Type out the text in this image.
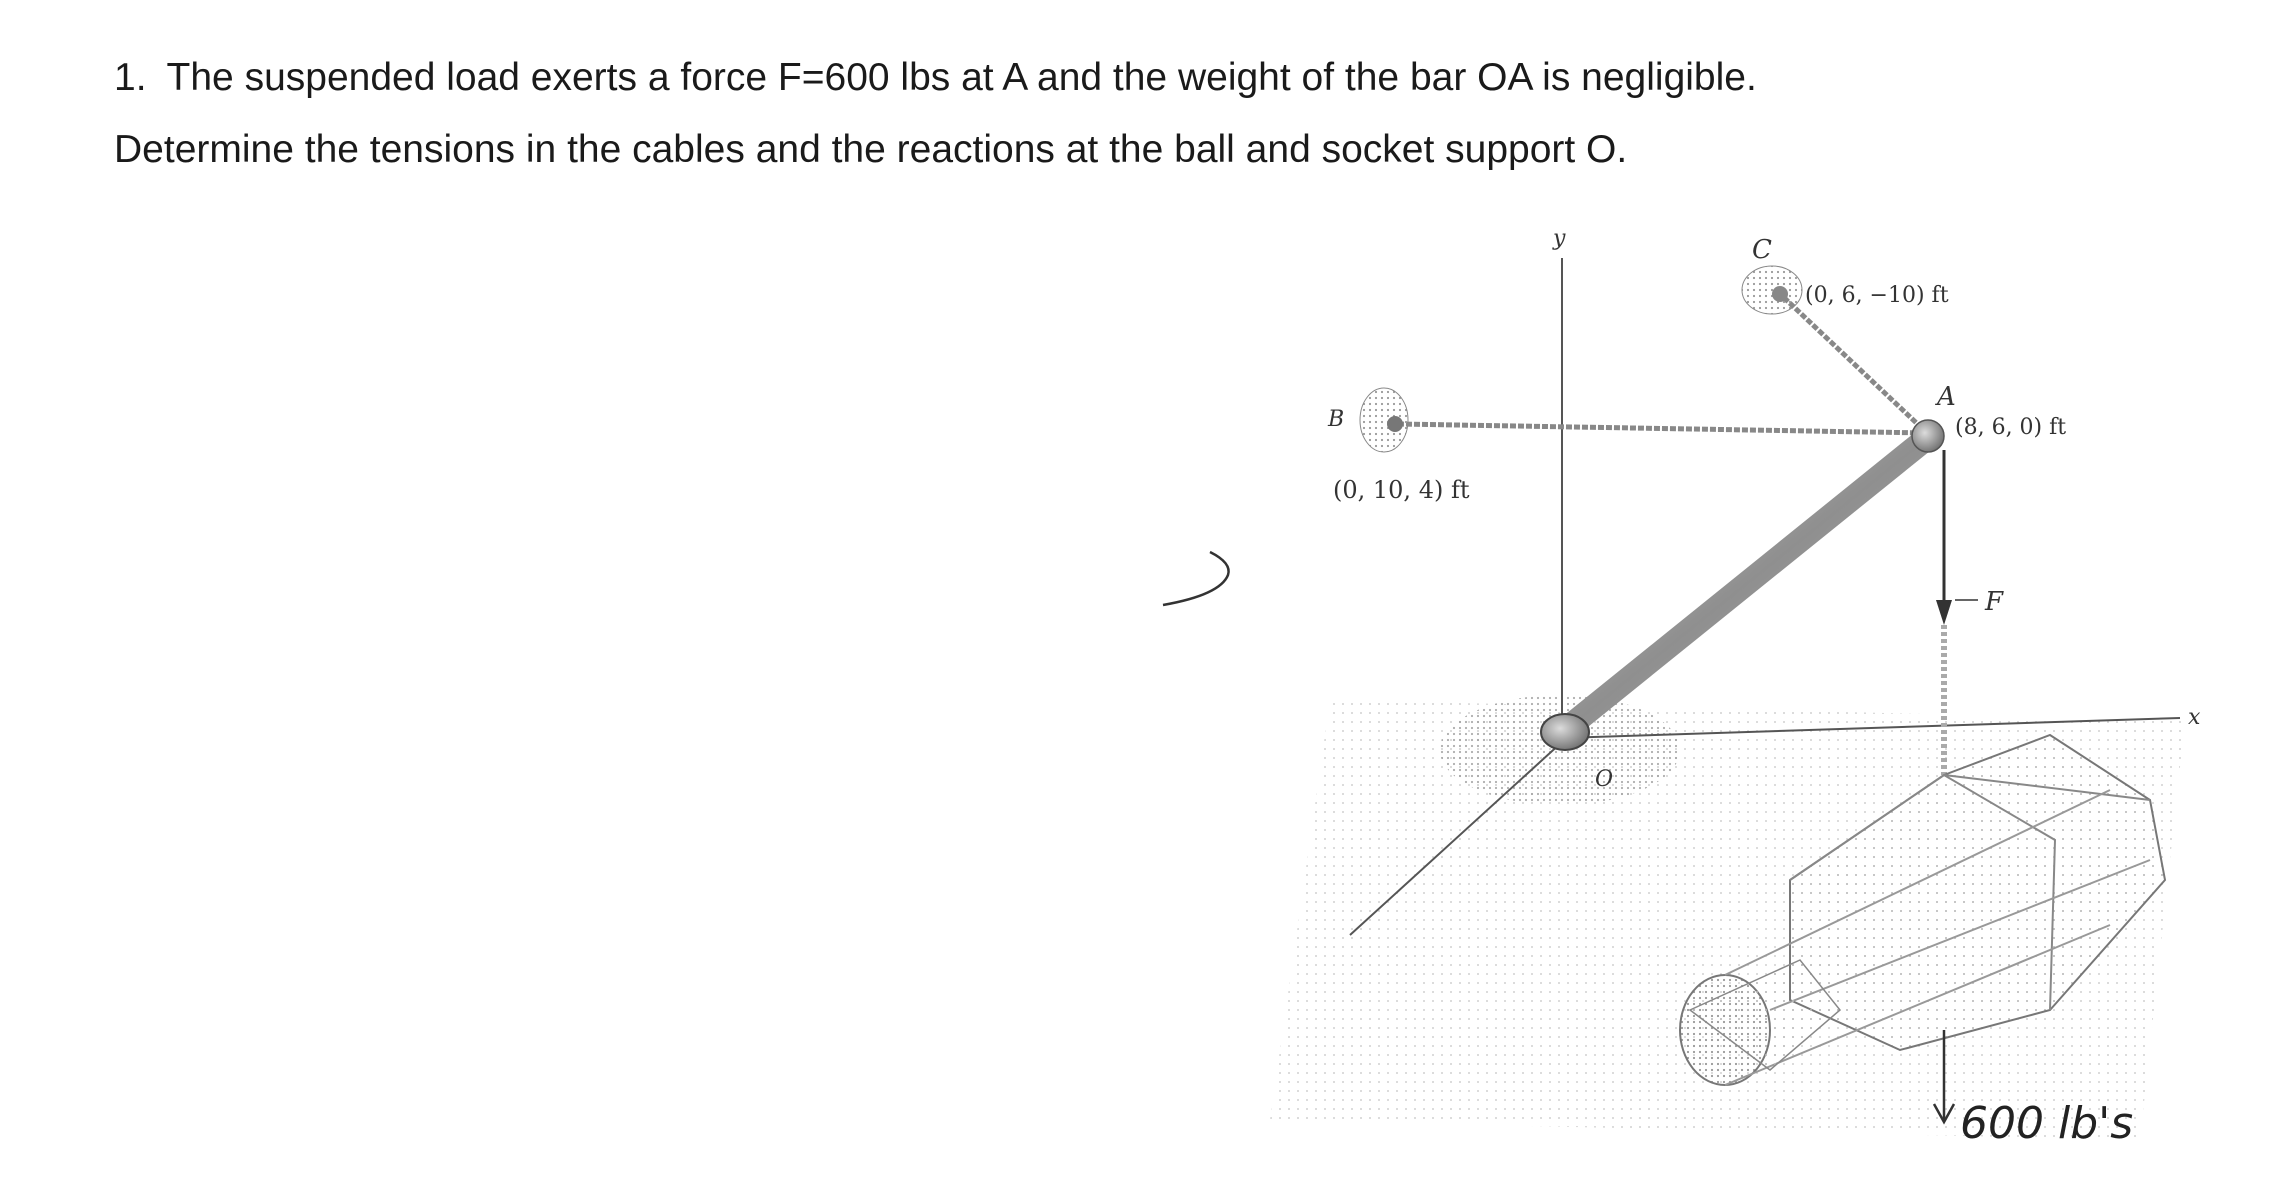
1. The suspended load exerts a force F=600 lbs at A and the weight of the bar OA is negligible.
Determine the tensions in the cables and the reactions at the ball and socket support O.
y
x
C
(0, 6, −10) ft
B
(0, 10, 4) ft
A
(8, 6, 0) ft
O
F
600 lb's
